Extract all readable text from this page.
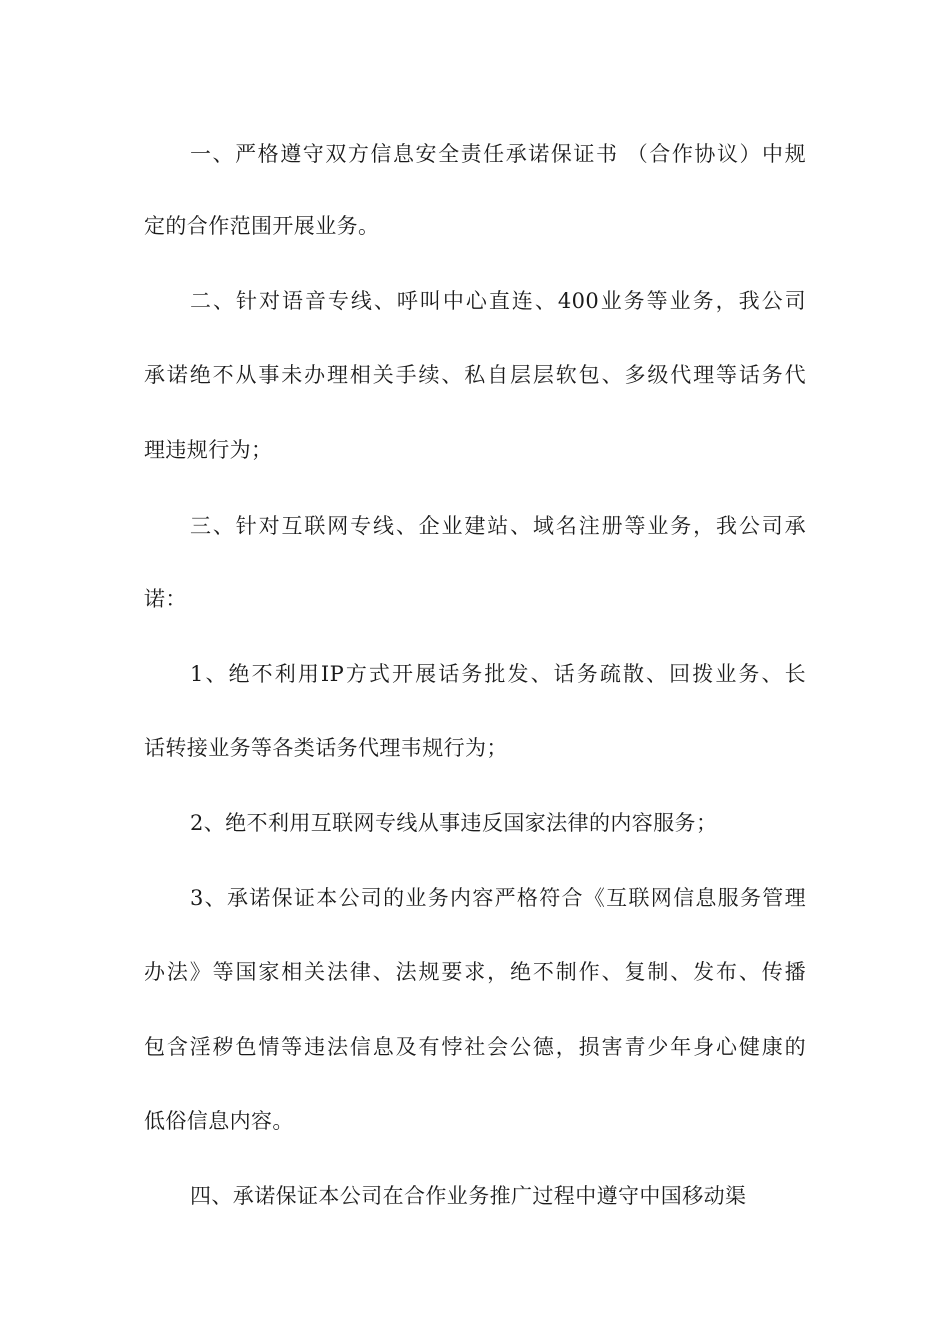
一、严格遵守双方信息安全责任承诺保证书 （合作协议）中规
定的合作范围开展业务。
二、针对语音专线、呼叫中心直连、400业务等业务，我公司
承诺绝不从事未办理相关手续、私自层层软包、多级代理等话务代
理违规行为；
三、针对互联网专线、企业建站、域名注册等业务，我公司承
诺：
1、绝不利用IP方式开展话务批发、话务疏散、回拨业务、长
话转接业务等各类话务代理韦规行为；
2、绝不利用互联网专线从事违反国家法律的内容服务；
3、承诺保证本公司的业务内容严格符合《互联网信息服务管理
办法》等国家相关法律、法规要求，绝不制作、复制、发布、传播
包含淫秽色情等违法信息及有悖社会公德，损害青少年身心健康的
低俗信息内容。
四、承诺保证本公司在合作业务推广过程中遵守中国移动渠
